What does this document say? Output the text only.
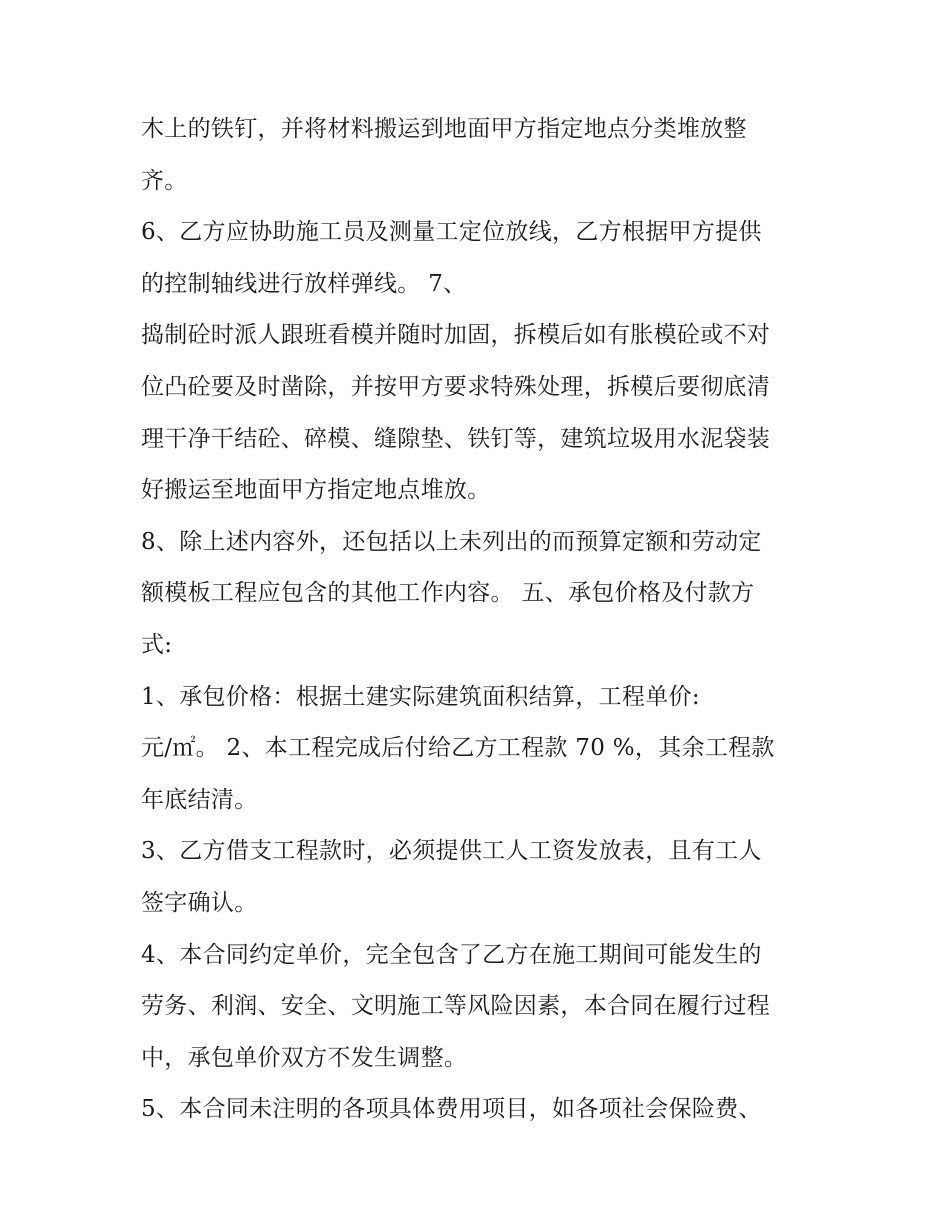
木上的铁钉，并将材料搬运到地面甲方指定地点分类堆放整
齐。
6、乙方应协助施工员及测量工定位放线，乙方根据甲方提供
的控制轴线进行放样弹线。 7、
捣制砼时派人跟班看模并随时加固，拆模后如有胀模砼或不对
位凸砼要及时凿除，并按甲方要求特殊处理，拆模后要彻底清
理干净干结砼、碎模、缝隙垫、铁钉等，建筑垃圾用水泥袋装
好搬运至地面甲方指定地点堆放。
8、除上述内容外，还包括以上未列出的而预算定额和劳动定
额模板工程应包含的其他工作内容。 五、承包价格及付款方
式:
1、承包价格：根据土建实际建筑面积结算，工程单价:
元/㎡。 2、本工程完成后付给乙方工程款 70 %，其余工程款
年底结清。
3、乙方借支工程款时，必须提供工人工资发放表，且有工人
签字确认。
4、本合同约定单价，完全包含了乙方在施工期间可能发生的
劳务、利润、安全、文明施工等风险因素，本合同在履行过程
中，承包单价双方不发生调整。
5、本合同未注明的各项具体费用项目，如各项社会保险费、
